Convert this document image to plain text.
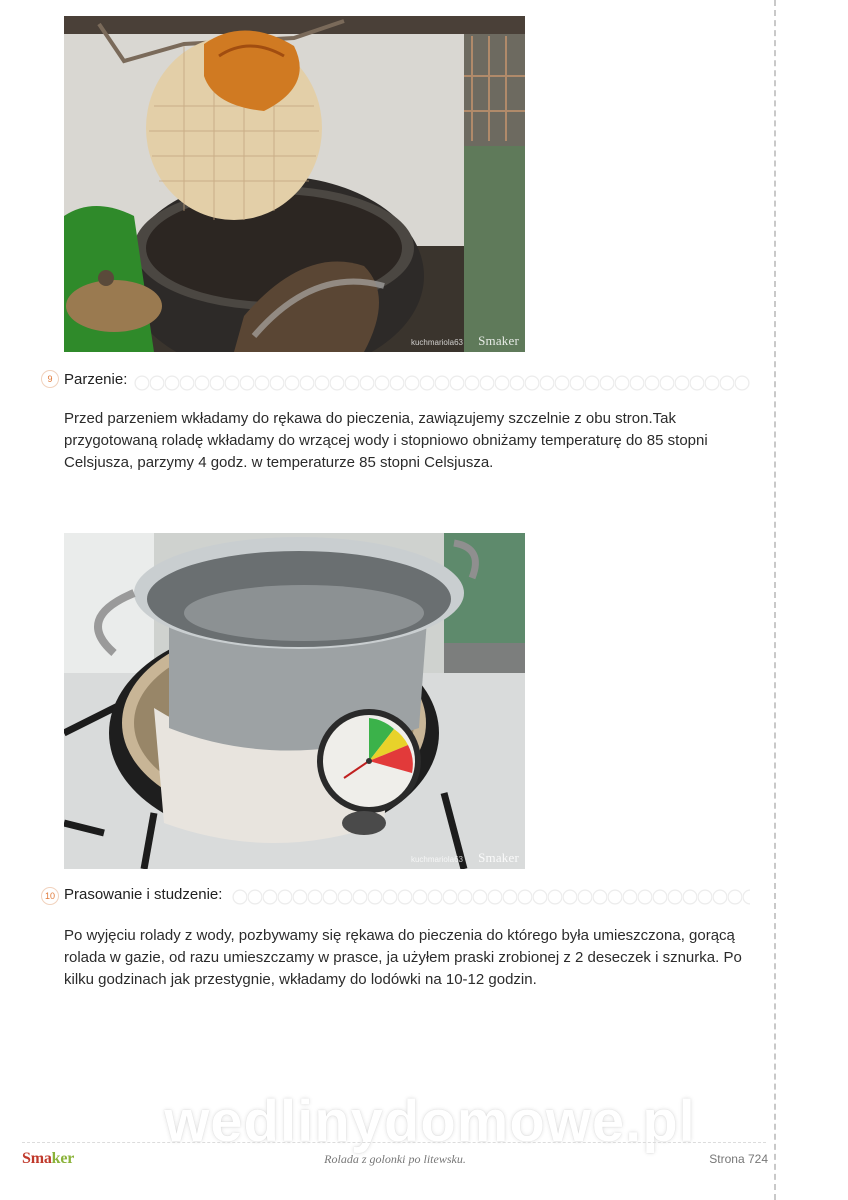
kuchmariola63 Smaker
9 Parzenie:
Przed parzeniem wkładamy do rękawa do pieczenia, zawiązujemy szczelnie z obu stron.Tak przygotowaną roladę wkładamy do wrzącej wody i stopniowo obniżamy temperaturę do 85 stopni Celsjusza, parzymy 4 godz. w temperaturze 85 stopni Celsjusza.
kuchmariola63 Smaker
10 Prasowanie i studzenie:
Po wyjęciu rolady z wody, pozbywamy się rękawa do pieczenia do którego była umieszczona, gorącą rolada w gazie, od razu umieszczamy w prasce, ja użyłem praski zrobionej z 2 deseczek i sznurka. Po kilku godzinach jak przestygnie, wkładamy do lodówki na 10-12 godzin.
wedlinydomowe.pl
Smaker	Rolada z golonki po litewsku.	Strona 724
